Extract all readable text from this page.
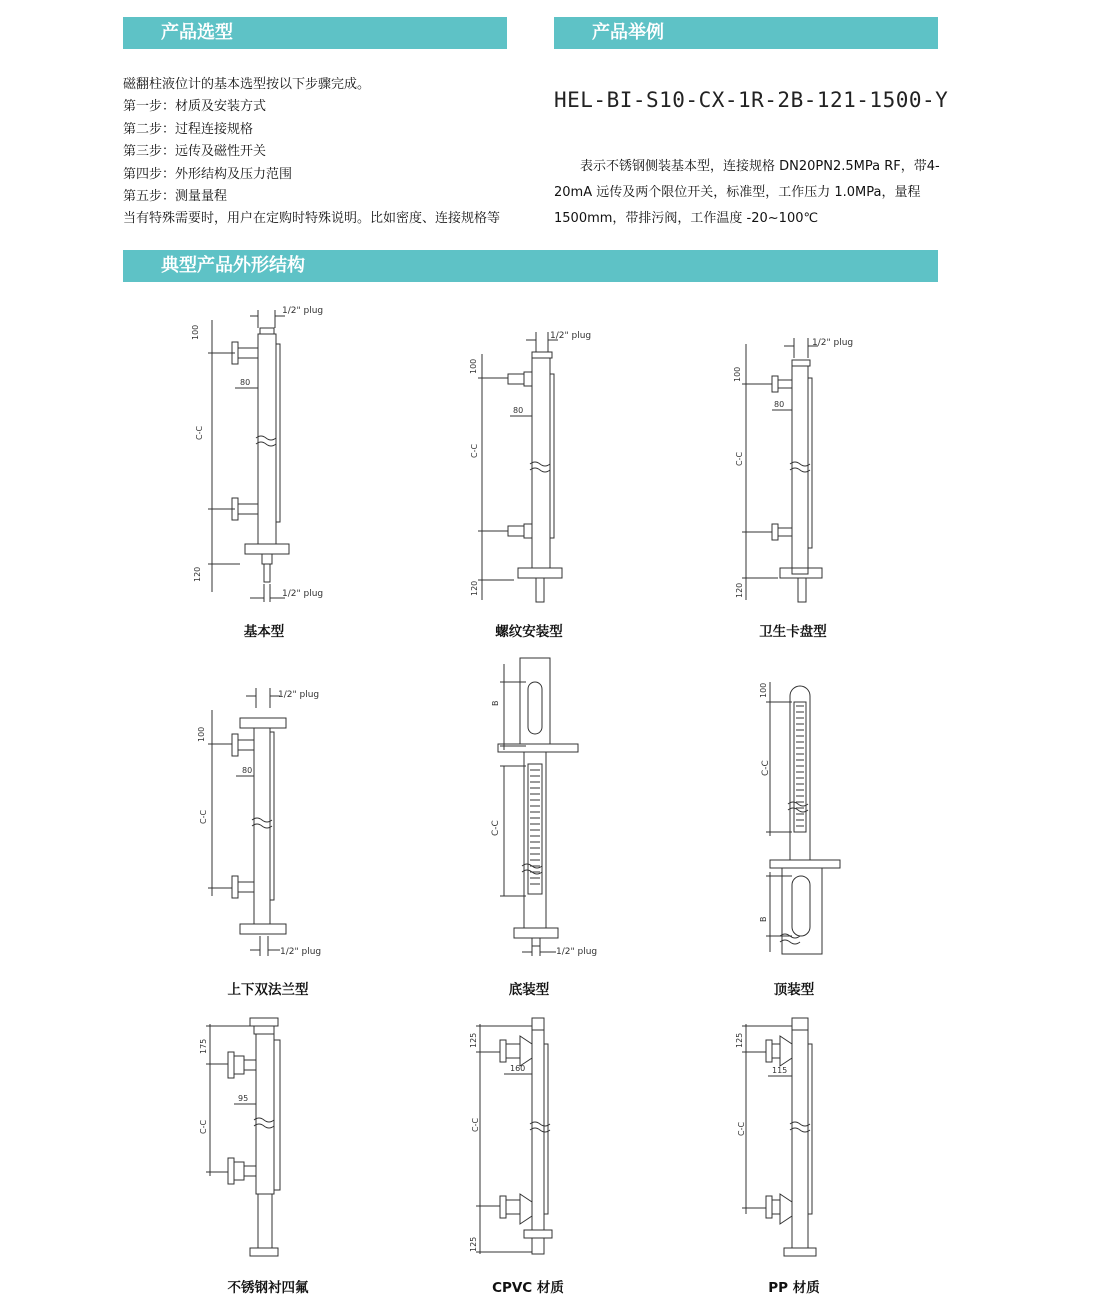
产品选型	产品举例
典型产品外形结构
磁翻柱液位计的基本选型按以下步骤完成。
第一步：材质及安装方式
第二步：过程连接规格
第三步：远传及磁性开关
第四步：外形结构及压力范围
第五步：测量量程
当有特殊需要时，用户在定购时特殊说明。比如密度、连接规格等
HEL-BI-S10-CX-1R-2B-121-1500-Y
表示不锈钢侧装基本型，连接规格 DN20PN2.5MPa RF，带4-20mA 远传及两个限位开关，标准型，工作压力 1.0MPa，量程1500mm，带排污阀，工作温度 -20~100℃
1/2" plug
100
C-C
120
80
1/2" plug
基本型
1/2" plug
100
C-C
120
80
螺纹安装型
1/2" plug
100
C-C
120
80
卫生卡盘型
1/2" plug
100
C-C
80
1/2" plug
上下双法兰型
B
C-C
1/2" plug
底装型
100
C-C
B
顶装型
175
C-C
95
不锈钢衬四氟
125
C-C
125
160
CPVC 材质
125
C-C
115
PP 材质
